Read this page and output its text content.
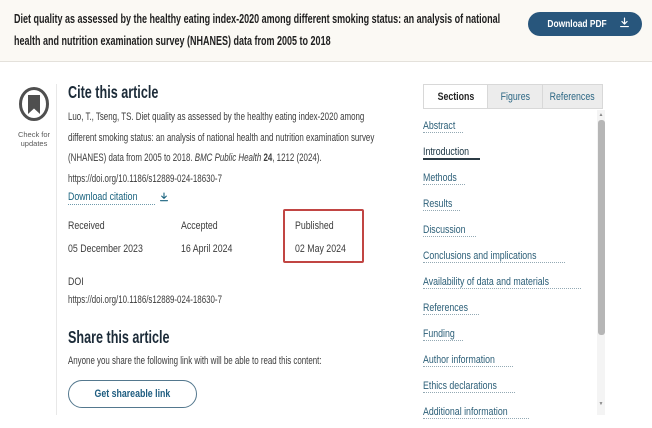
Diet quality as assessed by the healthy eating index-2020 among different smoking status: an analysis of national
health and nutrition examination survey (NHANES) data from 2005 to 2018
Download PDF
Check for
updates
Cite this article
Luo, T., Tseng, TS. Diet quality as assessed by the healthy eating index-2020 among
different smoking status: an analysis of national health and nutrition examination survey
(NHANES) data from 2005 to 2018. BMC Public Health 24, 1212 (2024).
https://doi.org/10.1186/s12889-024-18630-7
Download citation
Received
05 December 2023
Accepted
16 April 2024
Published
02 May 2024
DOI
https://doi.org/10.1186/s12889-024-18630-7
Share this article
Anyone you share the following link with will be able to read this content:
Get shareable link
Sections Figures References
Abstract
Introduction
Methods
Results
Discussion
Conclusions and implications
Availability of data and materials
References
Funding
Author information
Ethics declarations
Additional information
▲
▼
